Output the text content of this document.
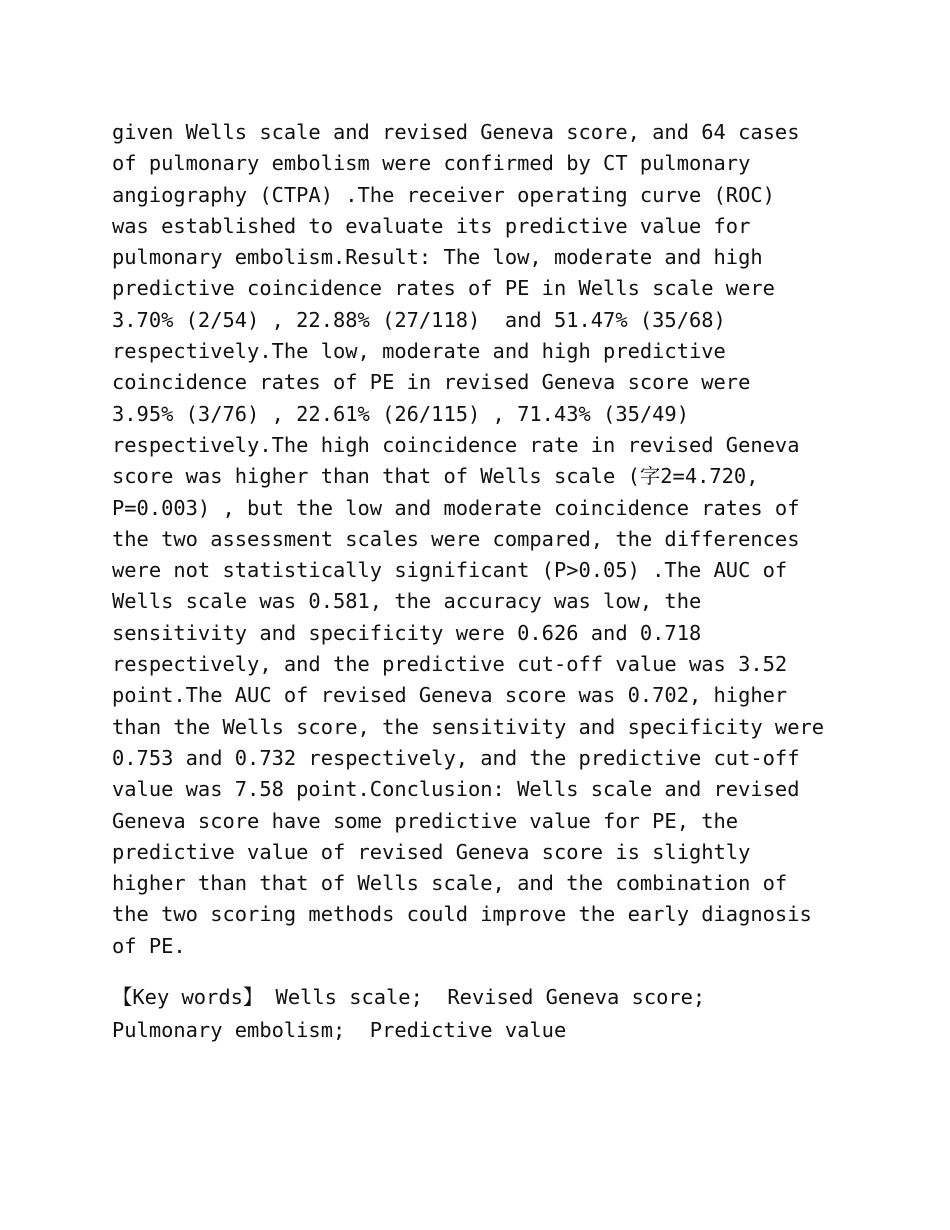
given Wells scale and revised Geneva score, and 64 cases
of pulmonary embolism were confirmed by CT pulmonary
angiography (CTPA) .The receiver operating curve (ROC)
was established to evaluate its predictive value for
pulmonary embolism.Result: The low, moderate and high
predictive coincidence rates of PE in Wells scale were
3.70% (2/54) , 22.88% (27/118)  and 51.47% (35/68)
respectively.The low, moderate and high predictive
coincidence rates of PE in revised Geneva score were
3.95% (3/76) , 22.61% (26/115) , 71.43% (35/49)
respectively.The high coincidence rate in revised Geneva
score was higher than that of Wells scale (字2=4.720,
P=0.003) , but the low and moderate coincidence rates of
the two assessment scales were compared, the differences
were not statistically significant (P>0.05) .The AUC of
Wells scale was 0.581, the accuracy was low, the
sensitivity and specificity were 0.626 and 0.718
respectively, and the predictive cut-off value was 3.52
point.The AUC of revised Geneva score was 0.702, higher
than the Wells score, the sensitivity and specificity were
0.753 and 0.732 respectively, and the predictive cut-off
value was 7.58 point.Conclusion: Wells scale and revised
Geneva score have some predictive value for PE, the
predictive value of revised Geneva score is slightly
higher than that of Wells scale, and the combination of
the two scoring methods could improve the early diagnosis
of PE.
【Key words】 Wells scale;  Revised Geneva score;
Pulmonary embolism;  Predictive value
